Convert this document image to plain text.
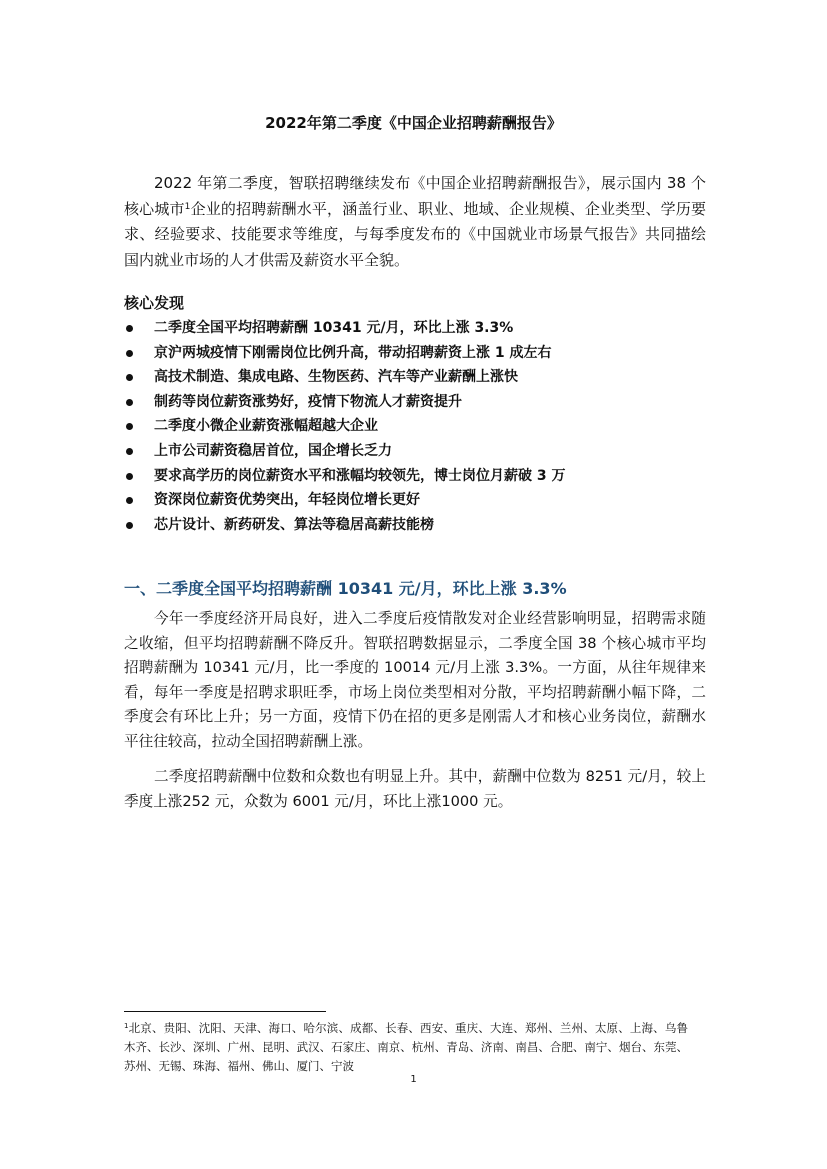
2022年第二季度《中国企业招聘薪酬报告》

2022 年第二季度，智联招聘继续发布《中国企业招聘薪酬报告》，展示国内 38 个核心城市$^1$企业的招聘薪酬水平，涵盖行业、职业、地域、企业规模、企业类型、学历要求、经验要求、技能要求等维度，与每季度发布的《中国就业市场景气报告》共同描绘国内就业市场的人才供需及薪资水平全貌。

核心发现
二季度全国平均招聘薪酬 10341 元/月，环比上涨 3.3%
京沪两城疫情下刚需岗位比例升高，带动招聘薪资上涨 1 成左右
高技术制造、集成电路、生物医药、汽车等产业薪酬上涨快
制药等岗位薪资涨势好，疫情下物流人才薪资提升
二季度小微企业薪资涨幅超越大企业
上市公司薪资稳居首位，国企增长乏力
要求高学历的岗位薪资水平和涨幅均较领先，博士岗位月薪破 3 万
资深岗位薪资优势突出，年轻岗位增长更好
芯片设计、新药研发、算法等稳居高薪技能榜
一、二季度全国平均招聘薪酬 10341 元/月，环比上涨 3.3%

今年一季度经济开局良好，进入二季度后疫情散发对企业经营影响明显，招聘需求随之收缩，但平均招聘薪酬不降反升。智联招聘数据显示，二季度全国 38 个核心城市平均招聘薪酬为 10341 元/月，比一季度的 10014 元/月上涨 3.3%。一方面，从往年规律来看，每年一季度是招聘求职旺季，市场上岗位类型相对分散，平均招聘薪酬小幅下降，二季度会有环比上升；另一方面，疫情下仍在招的更多是刚需人才和核心业务岗位，薪酬水平往往较高，拉动全国招聘薪酬上涨。

二季度招聘薪酬中位数和众数也有明显上升。其中，薪酬中位数为 8251 元/月，较上季度上涨252 元，众数为 6001 元/月，环比上涨1000 元。

$^1$北京、贵阳、沈阳、天津、海口、哈尔滨、成都、长春、西安、重庆、大连、郑州、兰州、太原、上海、乌鲁木齐、长沙、深圳、广州、昆明、武汉、石家庄、南京、杭州、青岛、济南、南昌、合肥、南宁、烟台、东莞、苏州、无锡、珠海、福州、佛山、厦门、宁波

1
